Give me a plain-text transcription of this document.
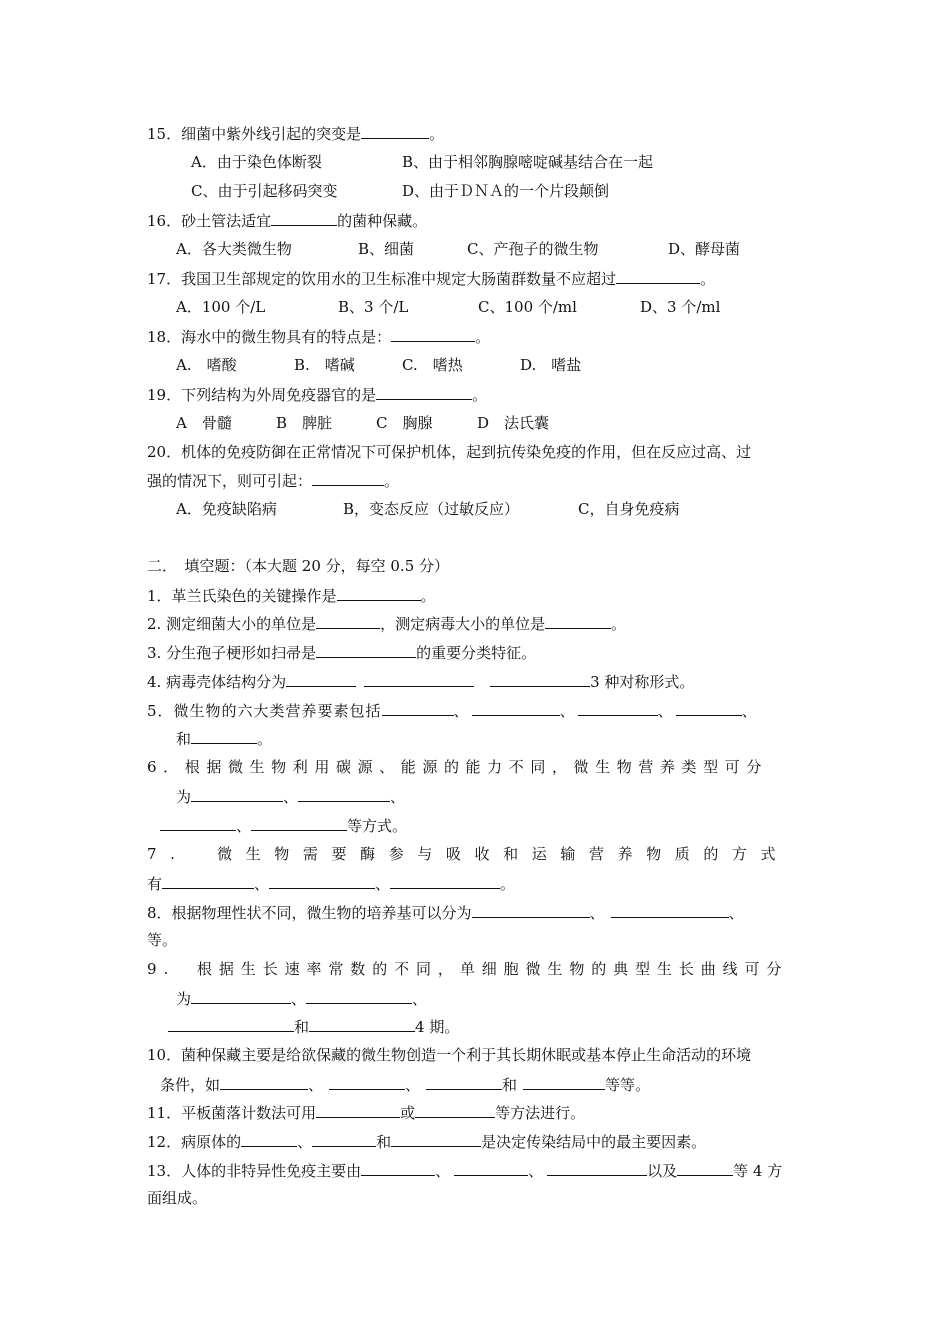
15．细菌中紫外线引起的突变是	。
A．由于染色体断裂	B、由于相邻胸腺嘧啶碱基结合在一起
C、由于引起移码突变	D、由于ＤＮＡ的一个片段颠倒
16．砂土管法适宜	的菌种保藏。
A．各大类微生物	B、细菌	C、产孢子的微生物	D、酵母菌
17．我国卫生部规定的饮用水的卫生标准中规定大肠菌群数量不应超过	。
A．100 个/L	B、3 个/L	C、100 个/ml	D、3 个/ml
18．海水中的微生物具有的特点是：	。
A.　嗜酸	B.　嗜碱	C.　嗜热	D.　嗜盐
19．下列结构为外周免疫器官的是	。
A　骨髓	B　脾脏	C　胸腺	D　法氏囊
20．机体的免疫防御在正常情况下可保护机体，起到抗传染免疫的作用，但在反应过高、过
强的情况下，则可引起：	。
A．免疫缺陷病	B，变态反应（过敏反应）	C，自身免疫病
二．　填空题：（本大题 20 分，每空 0.5 分）
1．革兰氏染色的关键操作是	。
2. 测定细菌大小的单位是	，测定病毒大小的单位是	。
3. 分生孢子梗形如扫帚是	的重要分类特征。
4. 病毒壳体结构分为	3 种对称形式。
5．微生物的六大类营养要素包括	、	、	、	、
和	。
6．根据微生物利用碳源、能源的能力不同，微生物营养类型可分
为	、	、
、	等方式。
7.　微生物需要酶参与吸收和运输营养物质的方式
有	、	、	。
8．根据物理性状不同，微生物的培养基可以分为	、	、
等。
9.　根据生长速率常数的不同，单细胞微生物的典型生长曲线可分
为	、	、
和	4 期。
10．菌种保藏主要是给欲保藏的微生物创造一个利于其长期休眠或基本停止生命活动的环境
条件，如	、	、	和	等等。
11．平板菌落计数法可用	或	等方法进行。
12．病原体的	、	和	是决定传染结局中的最主要因素。
13．人体的非特异性免疫主要由	、	、	以及	等 4 方
面组成。
